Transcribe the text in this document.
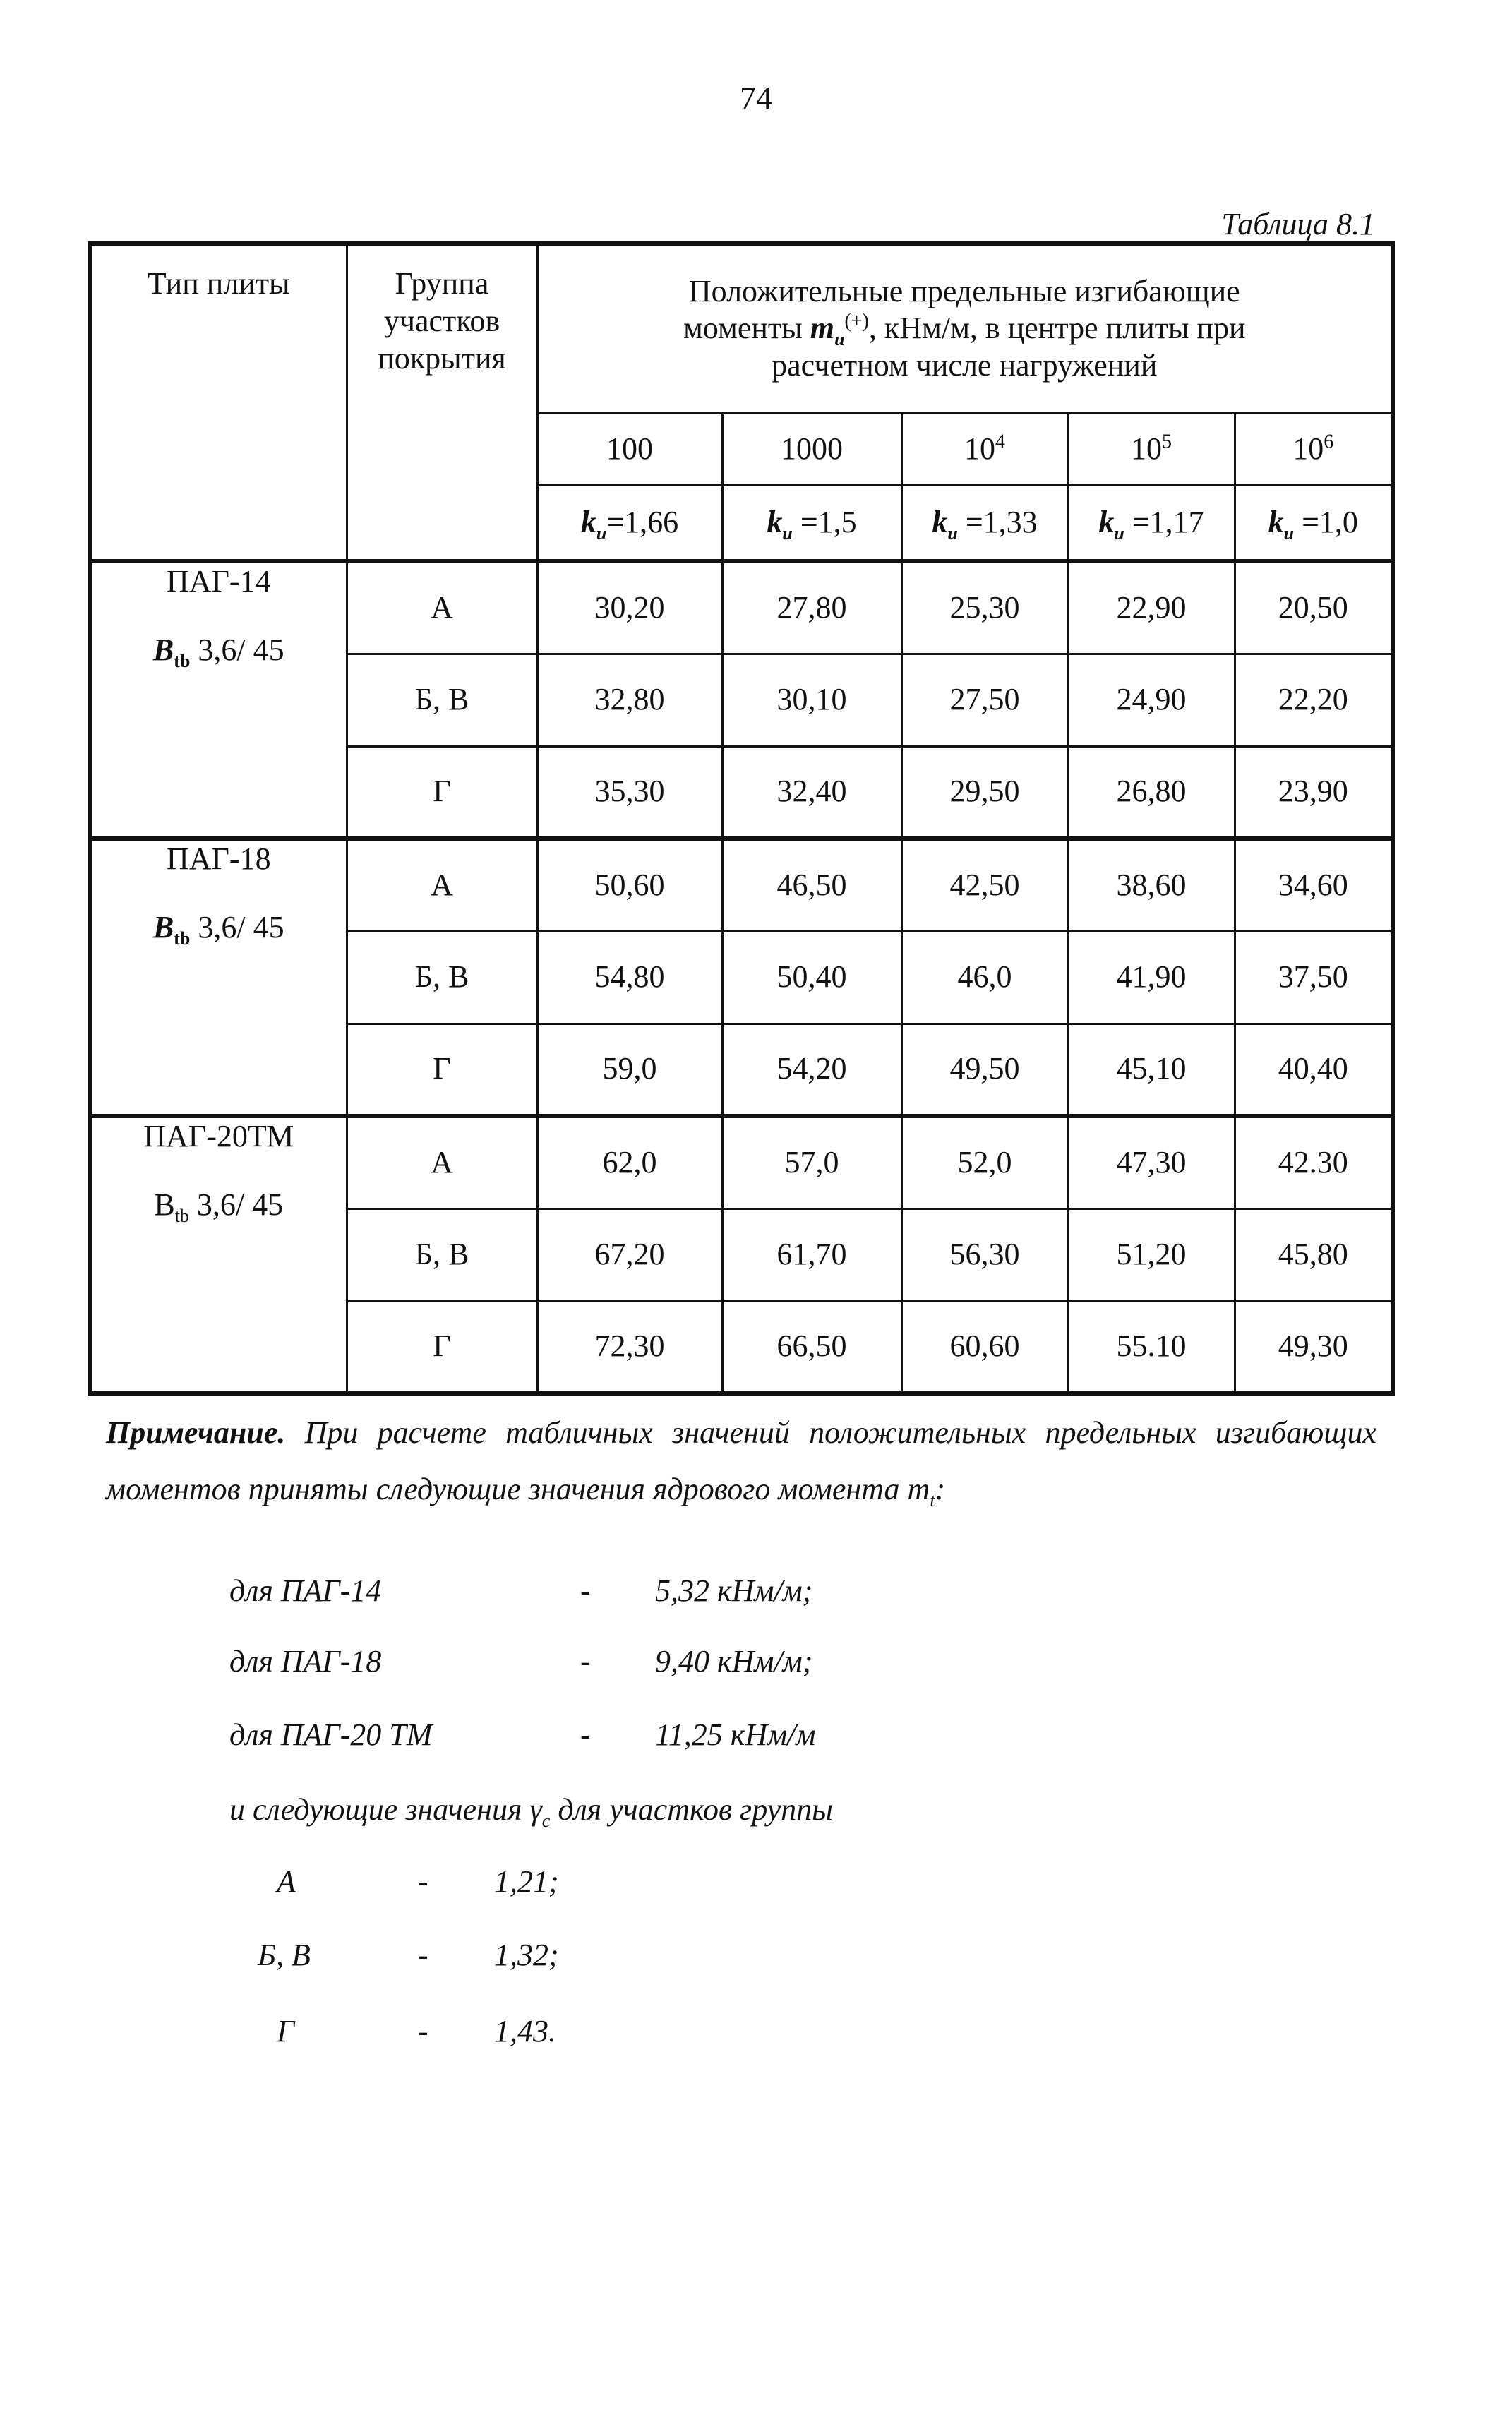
74
Таблица 8.1
Тип плиты	Группа участков покрытия	Положительные предельные изгибающие
моменты $m_u^{(+)}$, кНм/м, в центре плиты при
расчетном числе нагружений				
		100	1000	$10^4$	$10^5$	$10^6$
		$k_u=1,66$	$k_u =1,5$	$k_u =1,33$	$k_u =1,17$	$k_u =1,0$

ПАГ-14
$B_{tb}$ 3,6/ 45	А	30,20	27,80	25,30	22,90	20,50
	Б, В	32,80	30,10	27,50	24,90	22,20
	Г	35,30	32,40	29,50	26,80	23,90

ПАГ-18
$B_{tb}$ 3,6/ 45	А	50,60	46,50	42,50	38,60	34,60
	Б, В	54,80	50,40	46,0	41,90	37,50
	Г	59,0	54,20	49,50	45,10	40,40

ПАГ-20ТМ
$B_{tb}$ 3,6/ 45	А	62,0	57,0	52,0	47,30	42.30
	Б, В	67,20	61,70	56,30	51,20	45,80
	Г	72,30	66,50	60,60	55.10	49,30
Примечание. При расчете табличных значений положительных предельных изгибающих моментов приняты следующие значения ядрового момента $m_t$:
для ПАГ-14	- 5,32 кНм/м;
для ПАГ-18	- 9,40 кНм/м;
для ПАГ-20 ТМ	- 11,25 кНм/м
и следующие значения $\gamma_c$ для участков группы
А	- 1,21;
Б, В	- 1,32;
Г	- 1,43.
